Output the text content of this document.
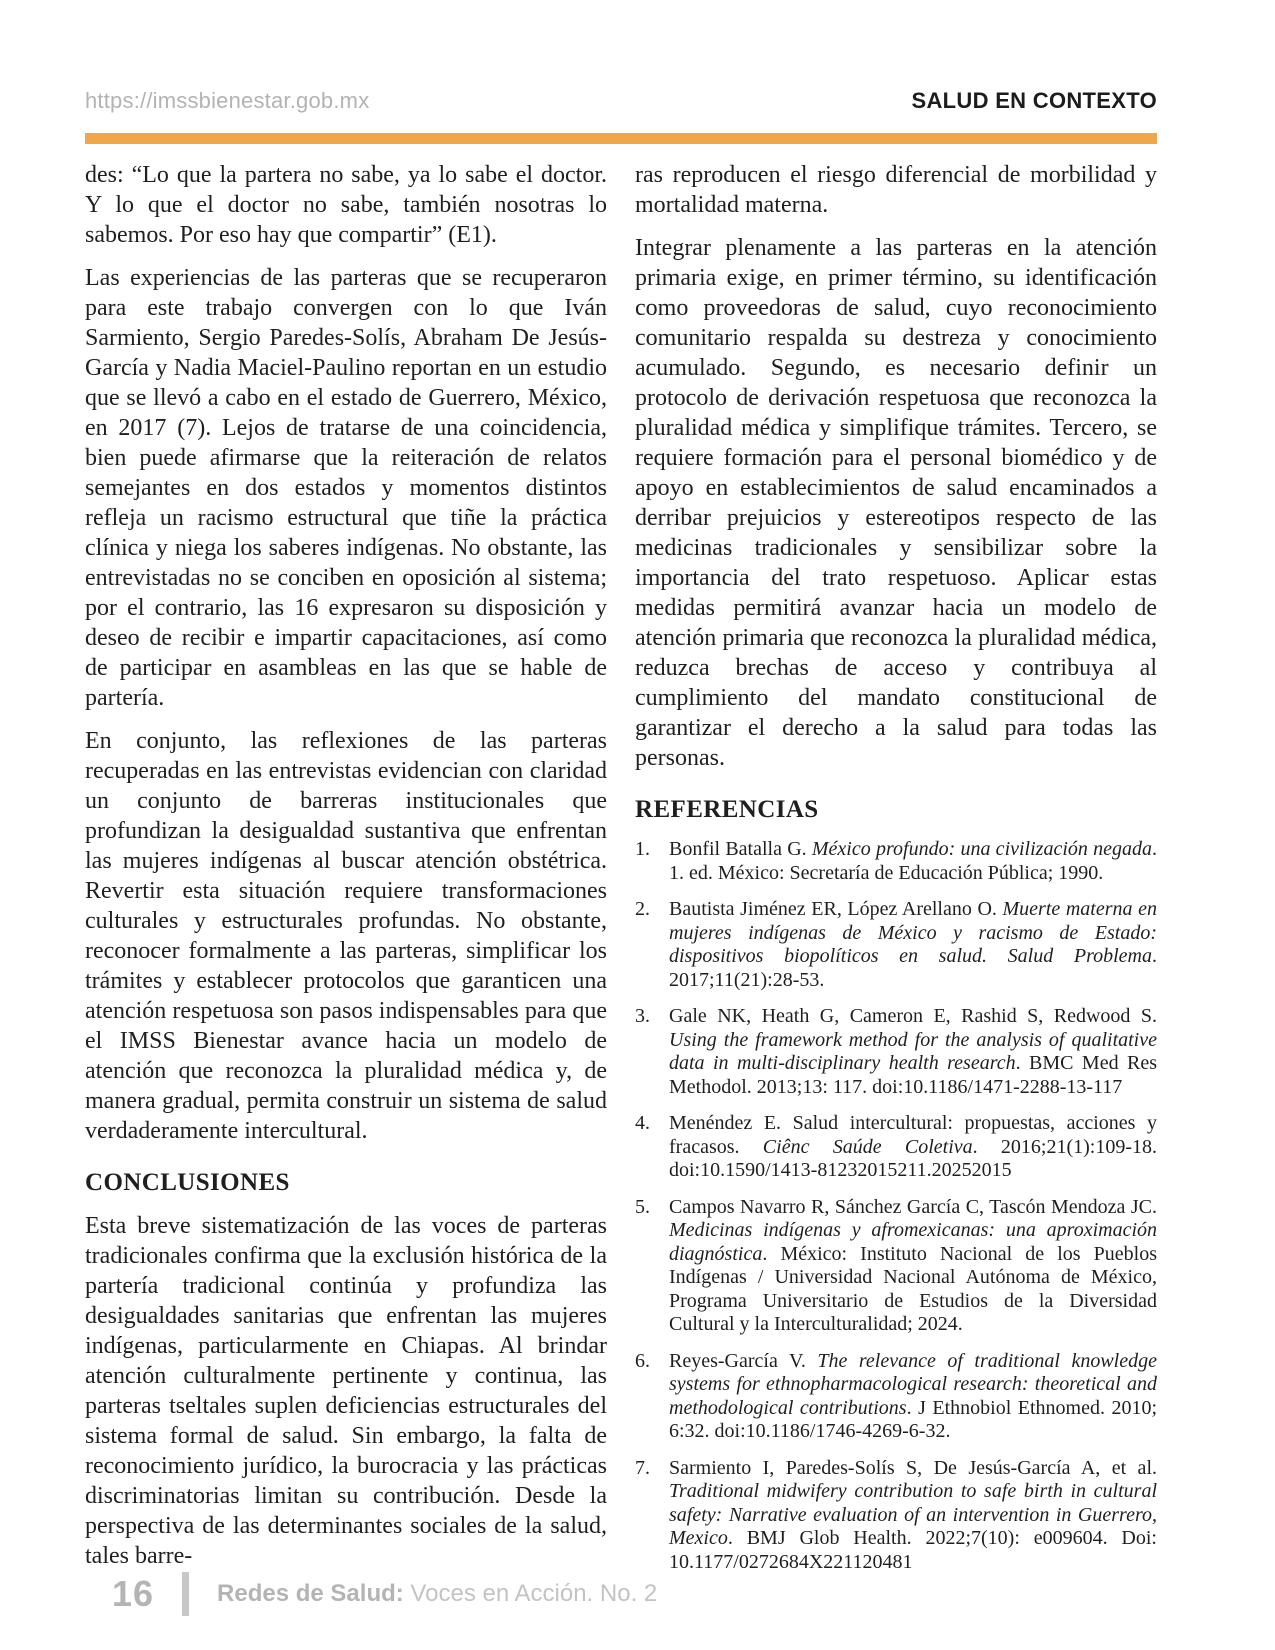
https://imssbienestar.gob.mx	SALUD EN CONTEXTO

des: “Lo que la partera no sabe, ya lo sabe el doctor. Y lo que el doctor no sabe, también nosotras lo sabemos. Por eso hay que compartir” (E1).

Las experiencias de las parteras que se recuperaron para este trabajo convergen con lo que Iván Sarmiento, Sergio Paredes-Solís, Abraham De Jesús-García y Nadia Maciel-Paulino reportan en un estudio que se llevó a cabo en el estado de Guerrero, México, en 2017 (7). Lejos de tratarse de una coincidencia, bien puede afirmarse que la reiteración de relatos semejantes en dos estados y momentos distintos refleja un racismo estructural que tiñe la práctica clínica y niega los saberes indígenas. No obstante, las entrevistadas no se conciben en oposición al sistema; por el contrario, las 16 expresaron su disposición y deseo de recibir e impartir capacitaciones, así como de participar en asambleas en las que se hable de partería.

En conjunto, las reflexiones de las parteras recuperadas en las entrevistas evidencian con claridad un conjunto de barreras institucionales que profundizan la desigualdad sustantiva que enfrentan las mujeres indígenas al buscar atención obstétrica. Revertir esta situación requiere transformaciones culturales y estructurales profundas. No obstante, reconocer formalmente a las parteras, simplificar los trámites y establecer protocolos que garanticen una atención respetuosa son pasos indispensables para que el IMSS Bienestar avance hacia un modelo de atención que reconozca la pluralidad médica y, de manera gradual, permita construir un sistema de salud verdaderamente intercultural.

CONCLUSIONES

Esta breve sistematización de las voces de parteras tradicionales confirma que la exclusión histórica de la partería tradicional continúa y profundiza las desigualdades sanitarias que enfrentan las mujeres indígenas, particularmente en Chiapas. Al brindar atención culturalmente pertinente y continua, las parteras tseltales suplen deficiencias estructurales del sistema formal de salud. Sin embargo, la falta de reconocimiento jurídico, la burocracia y las prácticas discriminatorias limitan su contribución. Desde la perspectiva de las determinantes sociales de la salud, tales barre-

ras reproducen el riesgo diferencial de morbilidad y mortalidad materna.

Integrar plenamente a las parteras en la atención primaria exige, en primer término, su identificación como proveedoras de salud, cuyo reconocimiento comunitario respalda su destreza y conocimiento acumulado. Segundo, es necesario definir un protocolo de derivación respetuosa que reconozca la pluralidad médica y simplifique trámites. Tercero, se requiere formación para el personal biomédico y de apoyo en establecimientos de salud encaminados a derribar prejuicios y estereotipos respecto de las medicinas tradicionales y sensibilizar sobre la importancia del trato respetuoso. Aplicar estas medidas permitirá avanzar hacia un modelo de atención primaria que reconozca la pluralidad médica, reduzca brechas de acceso y contribuya al cumplimiento del mandato constitucional de garantizar el derecho a la salud para todas las personas.

REFERENCIAS
1. Bonfil Batalla G. México profundo: una civilización negada. 1. ed. México: Secretaría de Educación Pública; 1990.
2. Bautista Jiménez ER, López Arellano O. Muerte materna en mujeres indígenas de México y racismo de Estado: dispositivos biopolíticos en salud. Salud Problema. 2017;11(21):28-53.
3. Gale NK, Heath G, Cameron E, Rashid S, Redwood S. Using the framework method for the analysis of qualitative data in multi-disciplinary health research. BMC Med Res Methodol. 2013;13: 117. doi:10.1186/1471-2288-13-117
4. Menéndez E. Salud intercultural: propuestas, acciones y fracasos. Ciênc Saúde Coletiva. 2016;21(1):109-18. doi:10.1590/1413-81232015211.20252015
5. Campos Navarro R, Sánchez García C, Tascón Mendoza JC. Medicinas indígenas y afromexicanas: una aproximación diagnóstica. México: Instituto Nacional de los Pueblos Indígenas / Universidad Nacional Autónoma de México, Programa Universitario de Estudios de la Diversidad Cultural y la Interculturalidad; 2024.
6. Reyes-García V. The relevance of traditional knowledge systems for ethnopharmacological research: theoretical and methodological contributions. J Ethnobiol Ethnomed. 2010; 6:32. doi:10.1186/1746-4269-6-32.
7. Sarmiento I, Paredes-Solís S, De Jesús-García A, et al. Traditional midwifery contribution to safe birth in cultural safety: Narrative evaluation of an intervention in Guerrero, Mexico. BMJ Glob Health. 2022;7(10): e009604. Doi: 10.1177/0272684X221120481
16	Redes de Salud: Voces en Acción. No. 2
